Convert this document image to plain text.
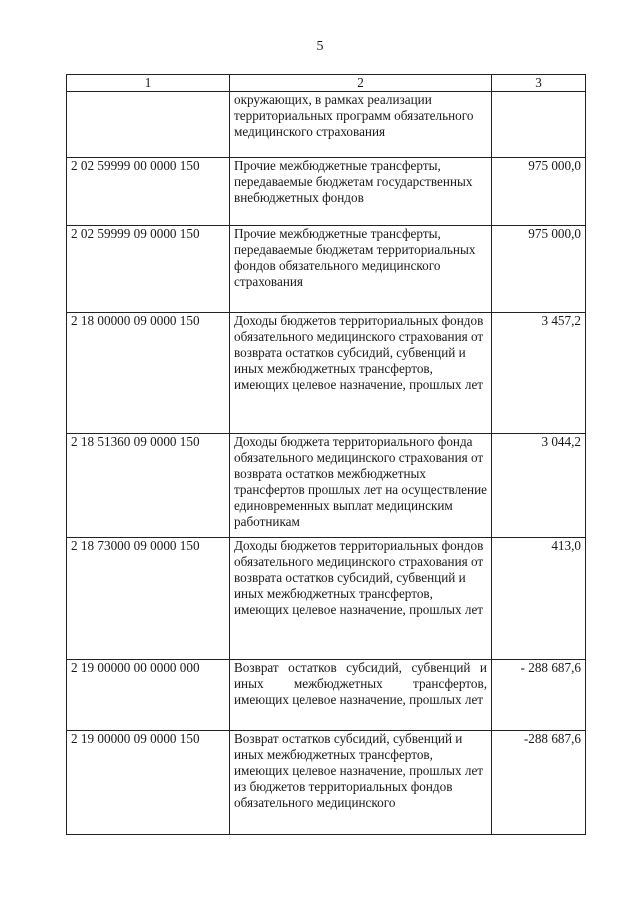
5
1	2	3
	окружающих, в рамках реализации территориальных программ обязательного медицинского страхования	
2 02 59999 00 0000 150	Прочие межбюджетные трансферты, передаваемые бюджетам государственных внебюджетных фондов	975 000,0
2 02 59999 09 0000 150	Прочие межбюджетные трансферты, передаваемые бюджетам территориальных фондов обязательного медицинского страхования	975 000,0
2 18 00000 09 0000 150	Доходы бюджетов территориальных фондов обязательного медицинского страхования от возврата остатков субсидий, субвенций и иных межбюджетных трансфертов, имеющих целевое назначение, прошлых лет	3 457,2
2 18 51360 09 0000 150	Доходы бюджета территориального фонда обязательного медицинского страхования от возврата остатков межбюджетных трансфертов прошлых лет на осуществление единовременных выплат медицинским работникам	3 044,2
2 18 73000 09 0000 150	Доходы бюджетов территориальных фондов обязательного медицинского страхования от возврата остатков субсидий, субвенций и иных межбюджетных трансфертов, имеющих целевое назначение, прошлых лет	413,0
2 19 00000 00 0000 000	Возврат остатков субсидий, субвенций и иных межбюджетных трансфертов, имеющих целевое назначение, прошлых лет	- 288 687,6
2 19 00000 09 0000 150	Возврат остатков субсидий, субвенций и иных межбюджетных трансфертов, имеющих целевое назначение, прошлых лет из бюджетов территориальных фондов обязательного медицинского	-288 687,6
